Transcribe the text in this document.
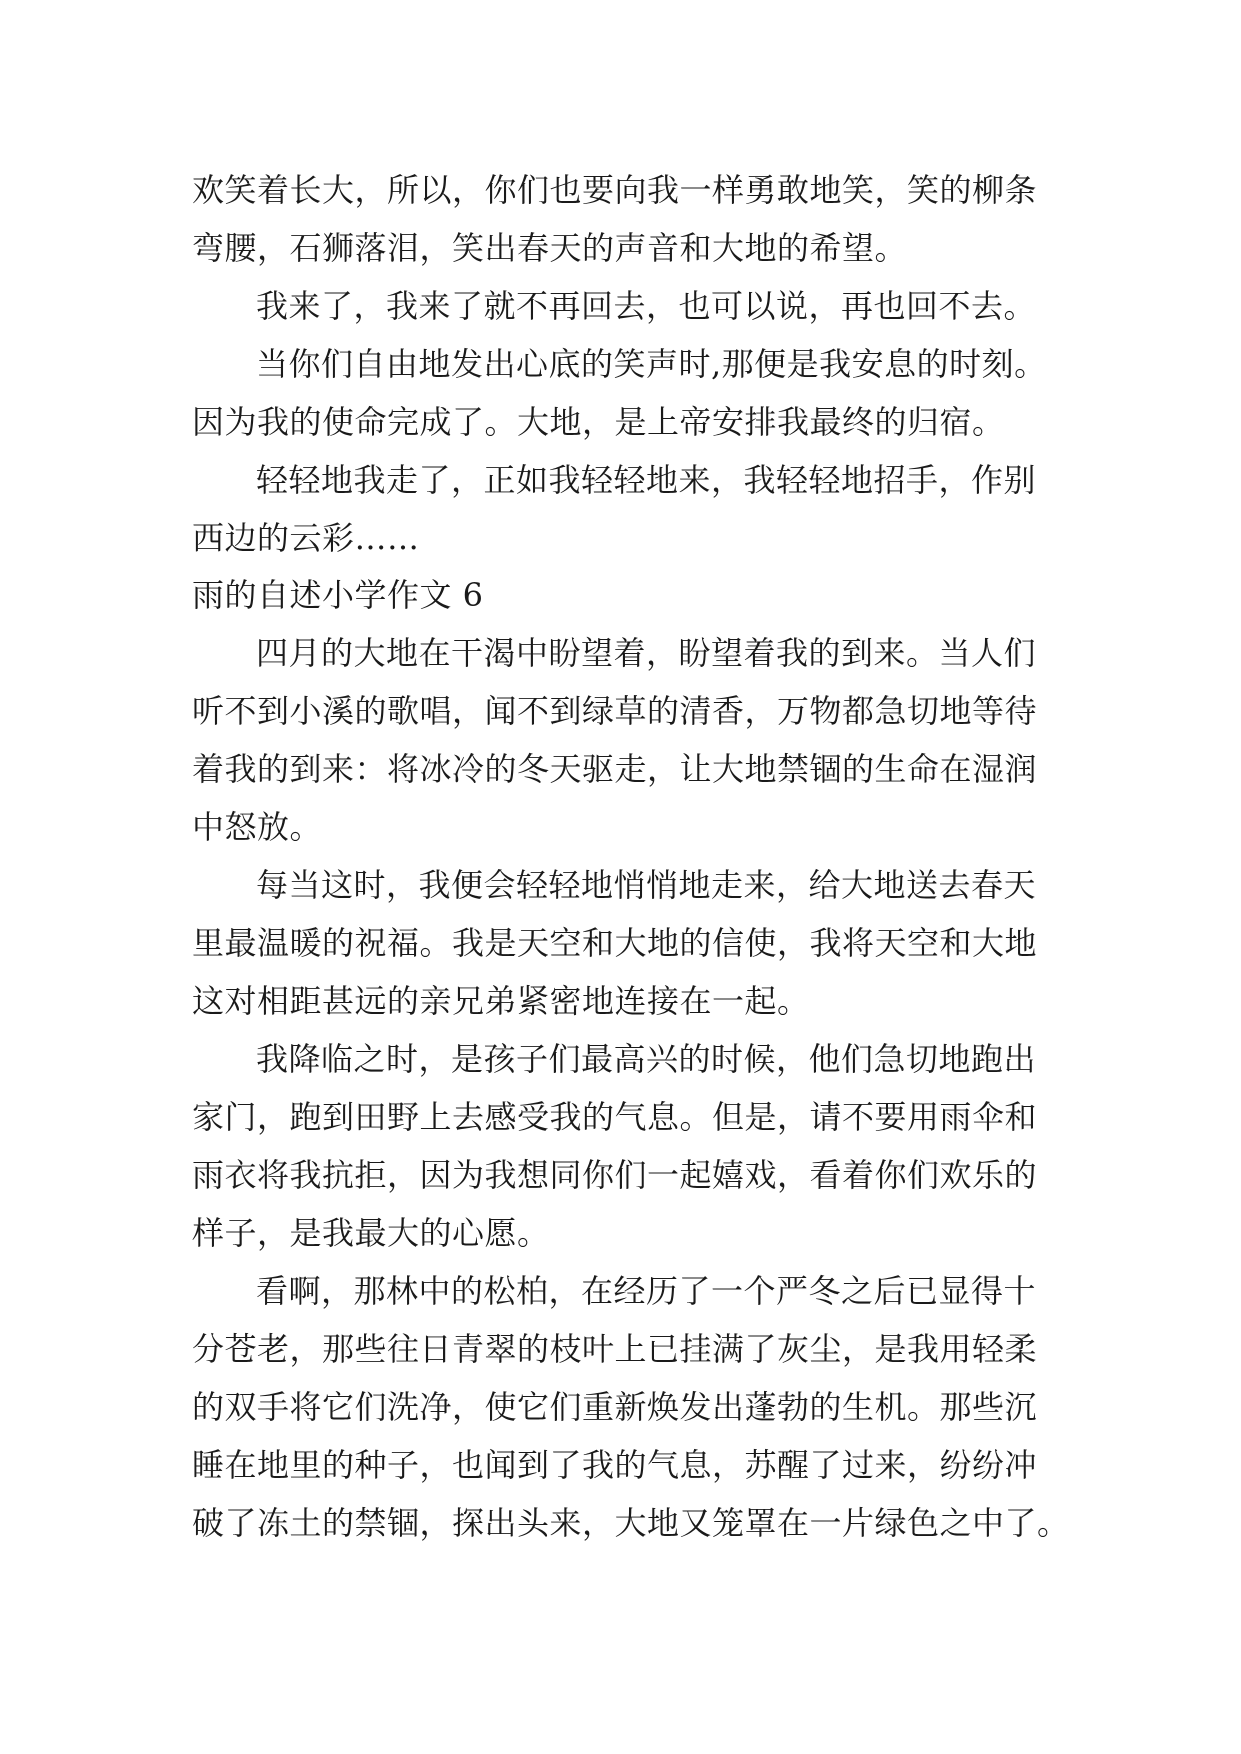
欢笑着长大，所以，你们也要向我一样勇敢地笑，笑的柳条
弯腰，石狮落泪，笑出春天的声音和大地的希望。
我来了，我来了就不再回去，也可以说，再也回不去。
当你们自由地发出心底的笑声时,那便是我安息的时刻。
因为我的使命完成了。大地，是上帝安排我最终的归宿。
轻轻地我走了，正如我轻轻地来，我轻轻地招手，作别
西边的云彩……
雨的自述小学作文 6
四月的大地在干渴中盼望着，盼望着我的到来。当人们
听不到小溪的歌唱，闻不到绿草的清香，万物都急切地等待
着我的到来：将冰冷的冬天驱走，让大地禁锢的生命在湿润
中怒放。
每当这时，我便会轻轻地悄悄地走来，给大地送去春天
里最温暖的祝福。我是天空和大地的信使，我将天空和大地
这对相距甚远的亲兄弟紧密地连接在一起。
我降临之时，是孩子们最高兴的时候，他们急切地跑出
家门，跑到田野上去感受我的气息。但是，请不要用雨伞和
雨衣将我抗拒，因为我想同你们一起嬉戏，看着你们欢乐的
样子，是我最大的心愿。
看啊，那林中的松柏，在经历了一个严冬之后已显得十
分苍老，那些往日青翠的枝叶上已挂满了灰尘，是我用轻柔
的双手将它们洗净，使它们重新焕发出蓬勃的生机。那些沉
睡在地里的种子，也闻到了我的气息，苏醒了过来，纷纷冲
破了冻土的禁锢，探出头来，大地又笼罩在一片绿色之中了。
